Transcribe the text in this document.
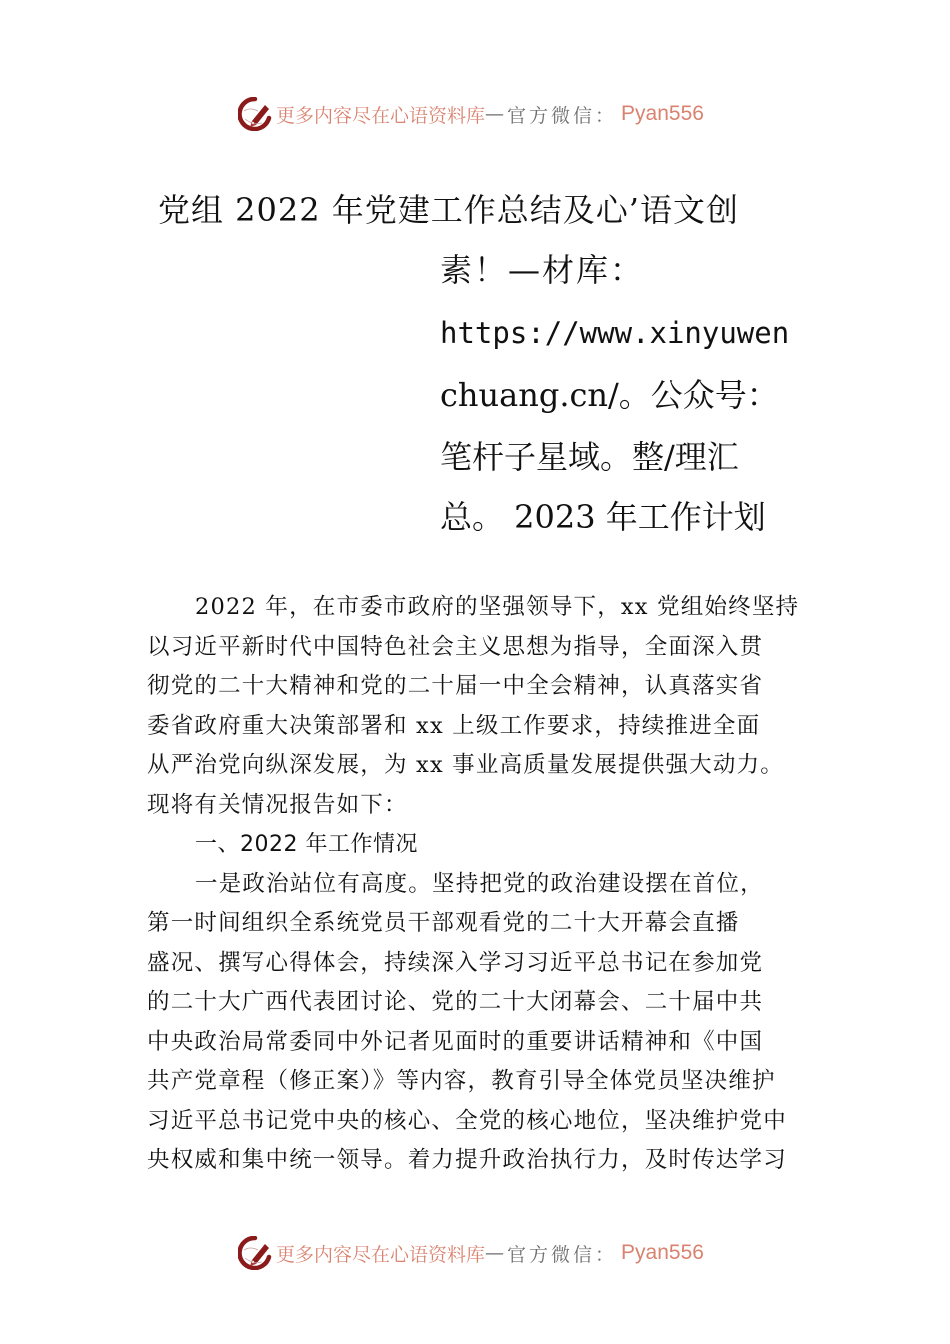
更多内容尽在心语资料库 — 官方微信： Pyan556
党组 2022 年党建工作总结及心’语文创
素！—材库：
https://www.xinyuwen
chuang.cn/。公众号：
笔杆子星域。整/理汇
总。 2023 年工作计划
2022 年，在市委市政府的坚强领导下，xx 党组始终坚持
以习近平新时代中国特色社会主义思想为指导，全面深入贯
彻党的二十大精神和党的二十届一中全会精神，认真落实省
委省政府重大决策部署和 xx 上级工作要求，持续推进全面
从严治党向纵深发展，为 xx 事业高质量发展提供强大动力。
现将有关情况报告如下：
一、2022 年工作情况
一是政治站位有高度。坚持把党的政治建设摆在首位，
第一时间组织全系统党员干部观看党的二十大开幕会直播
盛况、撰写心得体会，持续深入学习习近平总书记在参加党
的二十大广西代表团讨论、党的二十大闭幕会、二十届中共
中央政治局常委同中外记者见面时的重要讲话精神和《中国
共产党章程（修正案）》等内容，教育引导全体党员坚决维护
习近平总书记党中央的核心、全党的核心地位，坚决维护党中
央权威和集中统一领导。着力提升政治执行力，及时传达学习
更多内容尽在心语资料库 — 官方微信： Pyan556
